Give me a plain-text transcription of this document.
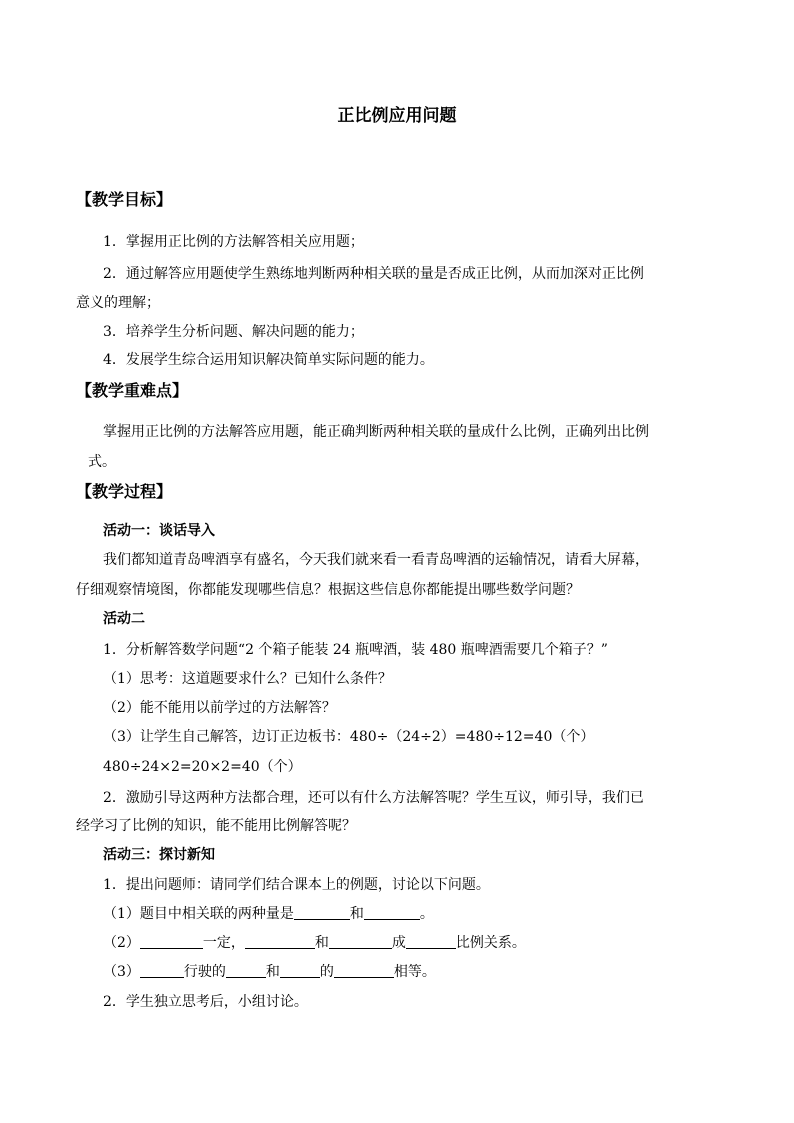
正比例应用问题
【教学目标】
1．掌握用正比例的方法解答相关应用题；
2．通过解答应用题使学生熟练地判断两种相关联的量是否成正比例，从而加深对正比例
意义的理解；
3．培养学生分析问题、解决问题的能力；
4．发展学生综合运用知识解决简单实际问题的能力。
【教学重难点】
掌握用正比例的方法解答应用题，能正确判断两种相关联的量成什么比例，正确列出比例
式。
【教学过程】
活动一：谈话导入
我们都知道青岛啤酒享有盛名，今天我们就来看一看青岛啤酒的运输情况，请看大屏幕，
仔细观察情境图，你都能发现哪些信息？根据这些信息你都能提出哪些数学问题？
活动二
1．分析解答数学问题“2 个箱子能装 24 瓶啤酒，装 480 瓶啤酒需要几个箱子？”
（1）思考：这道题要求什么？已知什么条件？
（2）能不能用以前学过的方法解答？
（3）让学生自己解答，边订正边板书：480÷（24÷2）=480÷12=40（个）
480÷24×2=20×2=40（个）
2．激励引导这两种方法都合理，还可以有什么方法解答呢？学生互议，师引导，我们已
经学习了比例的知识，能不能用比例解答呢？
活动三：探讨新知
1．提出问题师：请同学们结合课本上的例题，讨论以下问题。
（1）题目中相关联的两种量是	和	。
（2）	一定，	和	成	比例关系。
（3）	行驶的	和	的	相等。
2．学生独立思考后，小组讨论。
